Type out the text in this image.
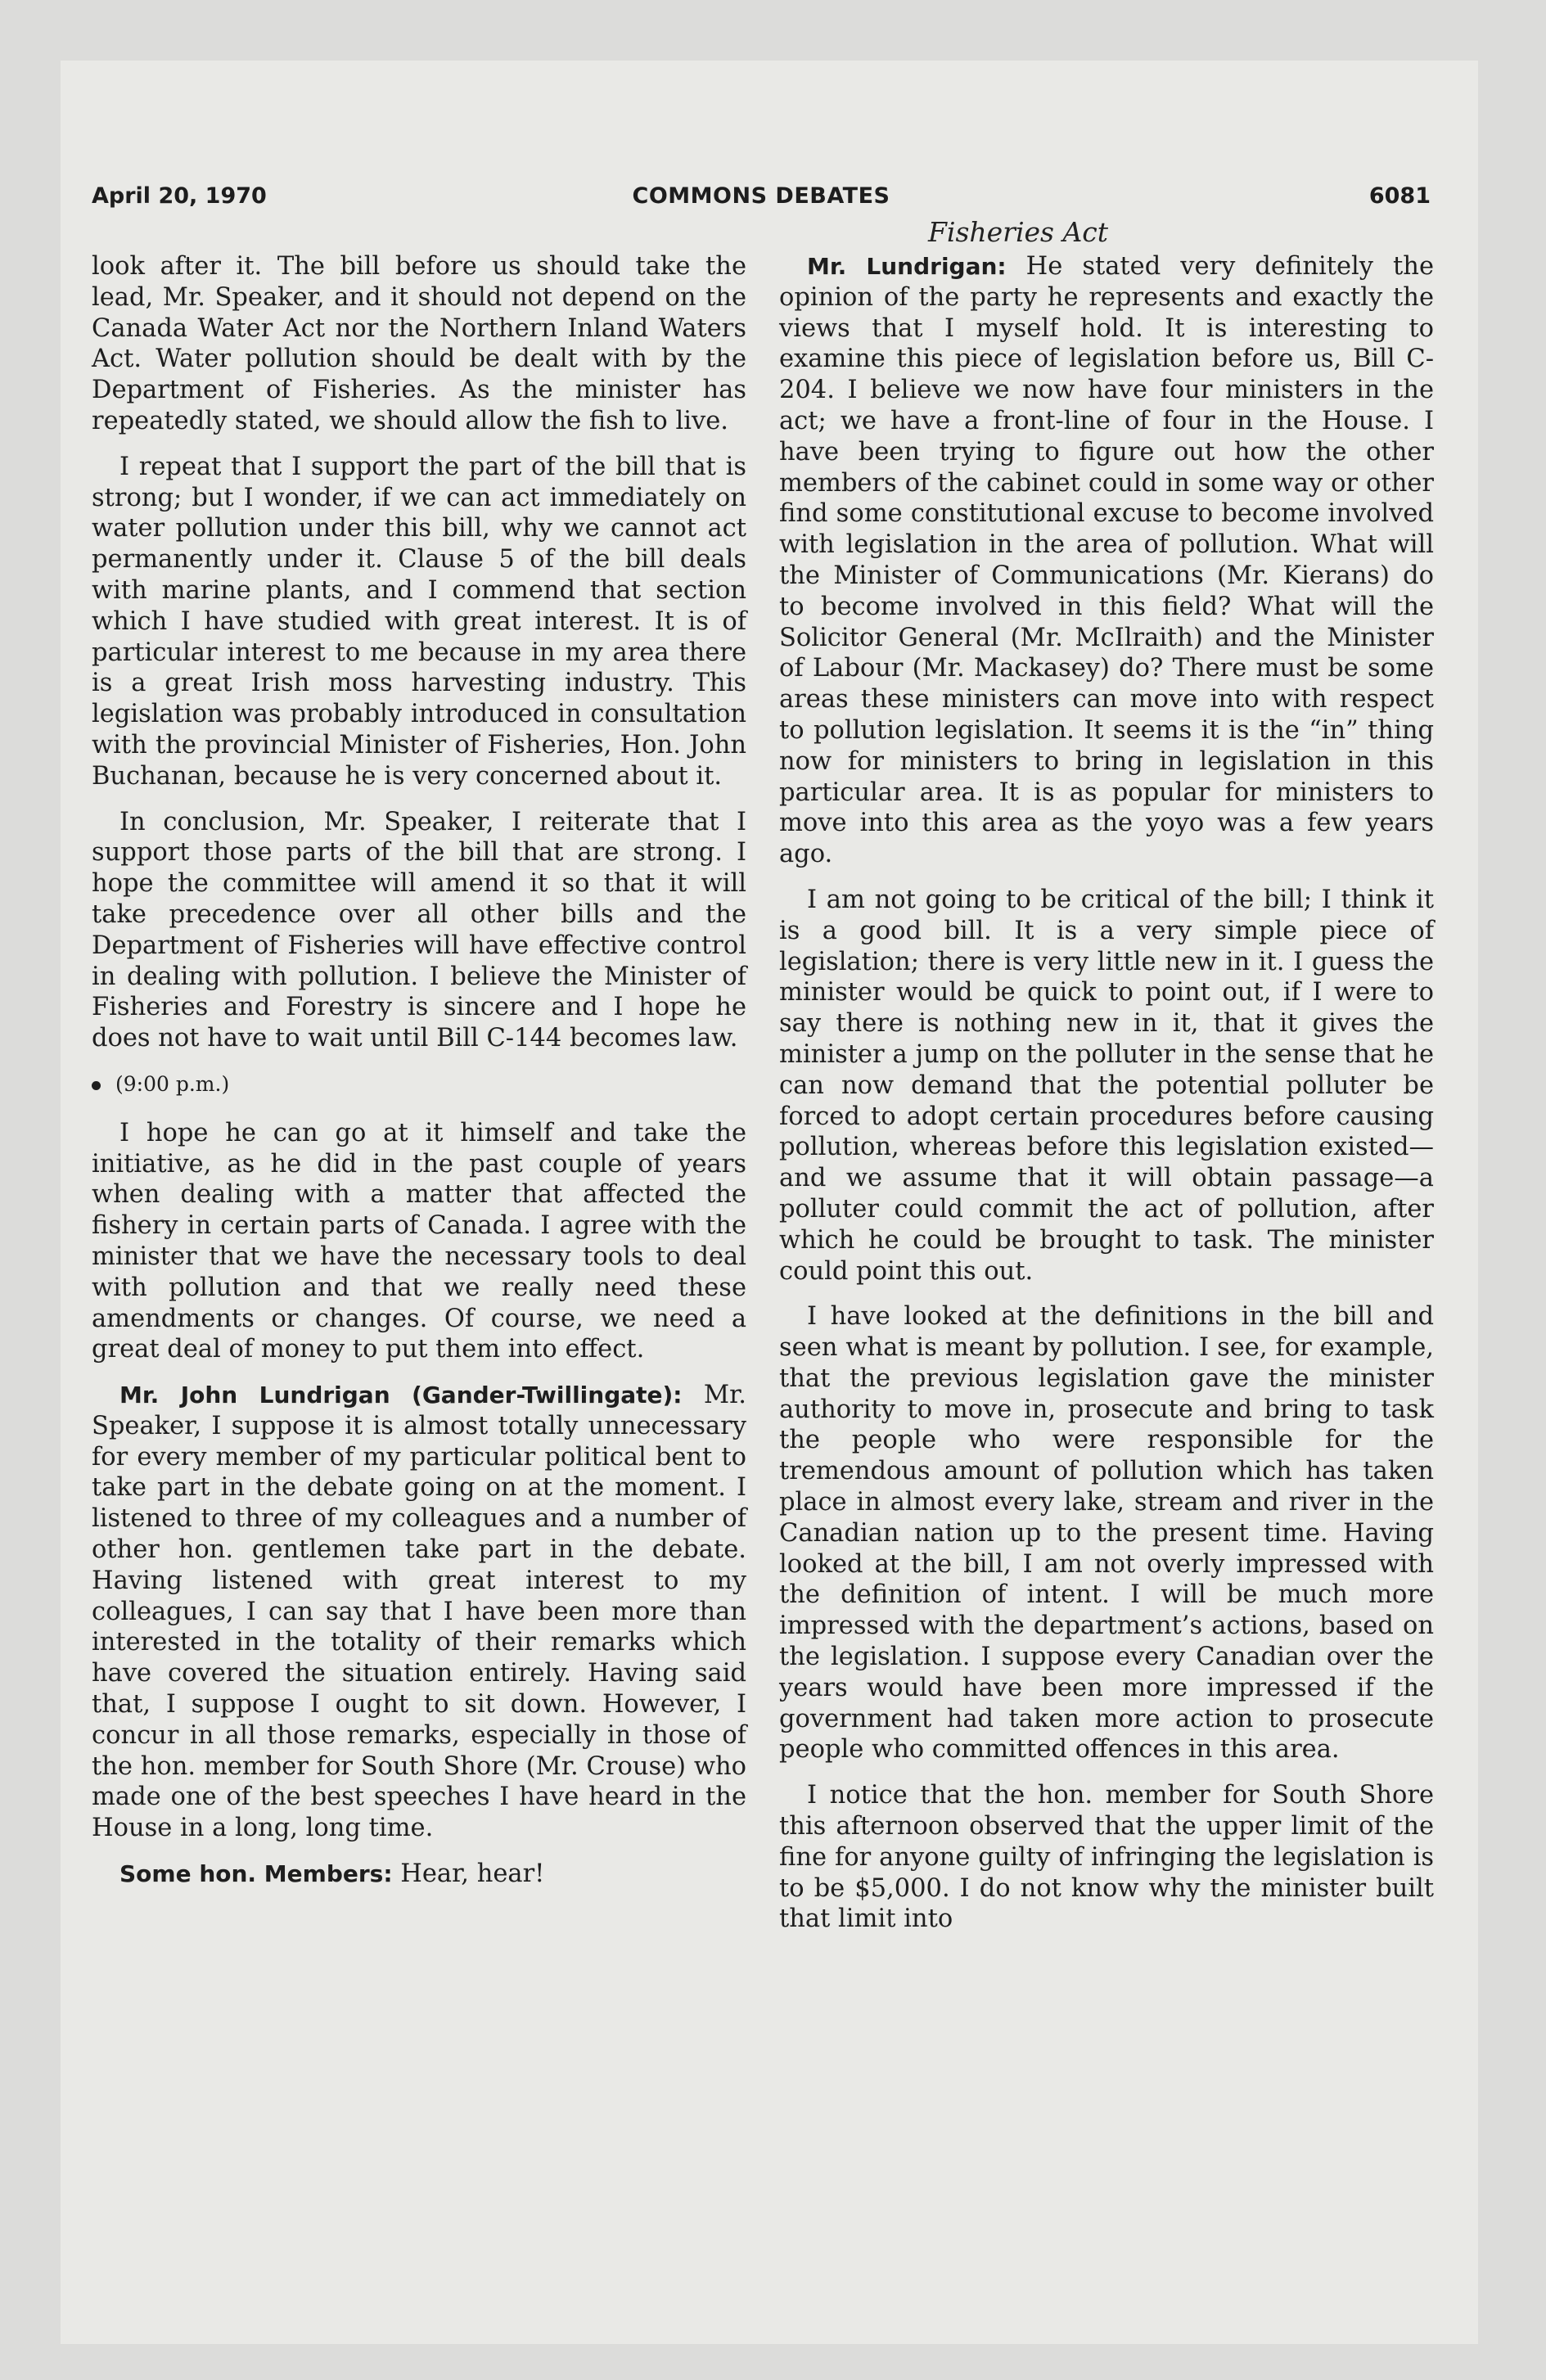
April 20, 1970	COMMONS DEBATES	6081
Fisheries Act

look after it. The bill before us should take the lead, Mr. Speaker, and it should not depend on the Canada Water Act nor the Northern Inland Waters Act. Water pollution should be dealt with by the Department of Fisheries. As the minister has repeatedly stated, we should allow the fish to live.

I repeat that I support the part of the bill that is strong; but I wonder, if we can act immediately on water pollution under this bill, why we cannot act permanently under it. Clause 5 of the bill deals with marine plants, and I commend that section which I have studied with great interest. It is of particular interest to me because in my area there is a great Irish moss harvesting industry. This legislation was probably introduced in consultation with the provincial Minister of Fisheries, Hon. John Buchanan, because he is very concerned about it.

In conclusion, Mr. Speaker, I reiterate that I support those parts of the bill that are strong. I hope the committee will amend it so that it will take precedence over all other bills and the Department of Fisheries will have effective control in dealing with pollution. I believe the Minister of Fisheries and Forestry is sincere and I hope he does not have to wait until Bill C-144 becomes law.

(9:00 p.m.)

I hope he can go at it himself and take the initiative, as he did in the past couple of years when dealing with a matter that affected the fishery in certain parts of Canada. I agree with the minister that we have the necessary tools to deal with pollution and that we really need these amendments or changes. Of course, we need a great deal of money to put them into effect.

Mr. John Lundrigan (Gander-Twillingate): Mr. Speaker, I suppose it is almost totally unnecessary for every member of my particular political bent to take part in the debate going on at the moment. I listened to three of my colleagues and a number of other hon. gentlemen take part in the debate. Having listened with great interest to my colleagues, I can say that I have been more than interested in the totality of their remarks which have covered the situation entirely. Having said that, I suppose I ought to sit down. However, I concur in all those remarks, especially in those of the hon. member for South Shore (Mr. Crouse) who made one of the best speeches I have heard in the House in a long, long time.

Some hon. Members: Hear, hear!

Mr. Lundrigan: He stated very definitely the opinion of the party he represents and exactly the views that I myself hold. It is interesting to examine this piece of legislation before us, Bill C-204. I believe we now have four ministers in the act; we have a front-line of four in the House. I have been trying to figure out how the other members of the cabinet could in some way or other find some constitutional excuse to become involved with legislation in the area of pollution. What will the Minister of Communications (Mr. Kierans) do to become involved in this field? What will the Solicitor General (Mr. McIlraith) and the Minister of Labour (Mr. Mackasey) do? There must be some areas these ministers can move into with respect to pollution legislation. It seems it is the “in” thing now for ministers to bring in legislation in this particular area. It is as popular for ministers to move into this area as the yoyo was a few years ago.

I am not going to be critical of the bill; I think it is a good bill. It is a very simple piece of legislation; there is very little new in it. I guess the minister would be quick to point out, if I were to say there is nothing new in it, that it gives the minister a jump on the polluter in the sense that he can now demand that the potential polluter be forced to adopt certain procedures before causing pollution, whereas before this legislation existed—and we assume that it will obtain passage—a polluter could commit the act of pollution, after which he could be brought to task. The minister could point this out.

I have looked at the definitions in the bill and seen what is meant by pollution. I see, for example, that the previous legislation gave the minister authority to move in, prosecute and bring to task the people who were responsible for the tremendous amount of pollution which has taken place in almost every lake, stream and river in the Canadian nation up to the present time. Having looked at the bill, I am not overly impressed with the definition of intent. I will be much more impressed with the department’s actions, based on the legislation. I suppose every Canadian over the years would have been more impressed if the government had taken more action to prosecute people who committed offences in this area.

I notice that the hon. member for South Shore this afternoon observed that the upper limit of the fine for anyone guilty of infringing the legislation is to be $5,000. I do not know why the minister built that limit into
